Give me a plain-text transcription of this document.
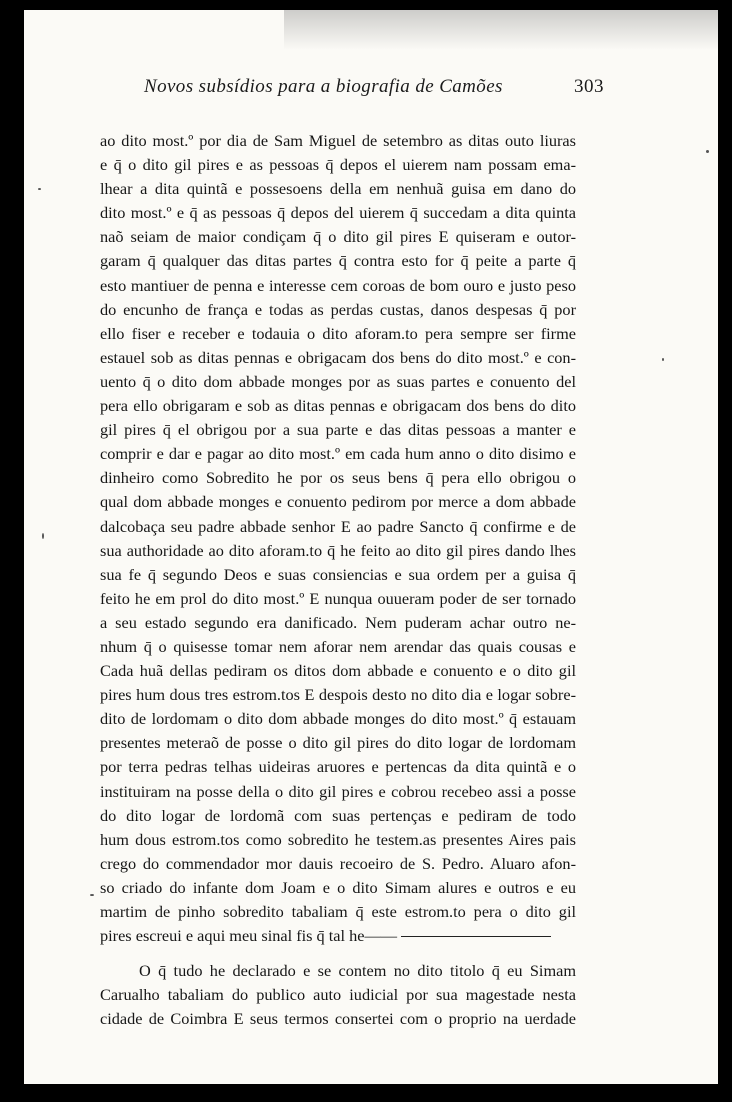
Novos subsídios para a biografia de Camões	303
ao dito most.º por dia de Sam Miguel de setembro as ditas outo liuras
e q̄ o dito gil pires e as pessoas q̄ depos el uierem nam possam ema-
lhear a dita quintã e possesoens della em nenhuã guisa em dano do
dito most.º e q̄ as pessoas q̄ depos del uierem q̄ succedam a dita quinta
naõ seiam de maior condiçam q̄ o dito gil pires E quiseram e outor-
garam q̄ qualquer das ditas partes q̄ contra esto for q̄ peite a parte q̄
esto mantiuer de penna e interesse cem coroas de bom ouro e justo peso
do encunho de frança e todas as perdas custas, danos despesas q̄ por
ello fiser e receber e todauia o dito aforam.to pera sempre ser firme
estauel sob as ditas pennas e obrigacam dos bens do dito most.º e con-
uento q̄ o dito dom abbade monges por as suas partes e conuento del
pera ello obrigaram e sob as ditas pennas e obrigacam dos bens do dito
gil pires q̄ el obrigou por a sua parte e das ditas pessoas a manter e
comprir e dar e pagar ao dito most.º em cada hum anno o dito disimo e
dinheiro como Sobredito he por os seus bens q̄ pera ello obrigou o
qual dom abbade monges e conuento pedirom por merce a dom abbade
dalcobaça seu padre abbade senhor E ao padre Sancto q̄ confirme e de
sua authoridade ao dito aforam.to q̄ he feito ao dito gil pires dando lhes
sua fe q̄ segundo Deos e suas consiencias e sua ordem per a guisa q̄
feito he em prol do dito most.º E nunqua ouueram poder de ser tornado
a seu estado segundo era danificado. Nem puderam achar outro ne-
nhum q̄ o quisesse tomar nem aforar nem arendar das quais cousas e
Cada huã dellas pediram os ditos dom abbade e conuento e o dito gil
pires hum dous tres estrom.tos E despois desto no dito dia e logar sobre-
dito de lordomam o dito dom abbade monges do dito most.º q̄ estauam
presentes meteraõ de posse o dito gil pires do dito logar de lordomam
por terra pedras telhas uideiras aruores e pertencas da dita quintã e o
instituiram na posse della o dito gil pires e cobrou recebeo assi a posse
do dito logar de lordomã com suas pertenças e pediram de todo
hum dous estrom.tos como sobredito he testem.as presentes Aires pais
crego do commendador mor dauis recoeiro de S. Pedro. Aluaro afon-
so criado do infante dom Joam e o dito Simam alures e outros e eu
martim de pinho sobredito tabaliam q̄ este estrom.to pera o dito gil
pires escreui e aqui meu sinal fis q̄ tal he——
O q̄ tudo he declarado e se contem no dito titolo q̄ eu Simam
Carualho tabaliam do publico auto iudicial por sua magestade nesta
cidade de Coimbra E seus termos consertei com o proprio na uerdade
